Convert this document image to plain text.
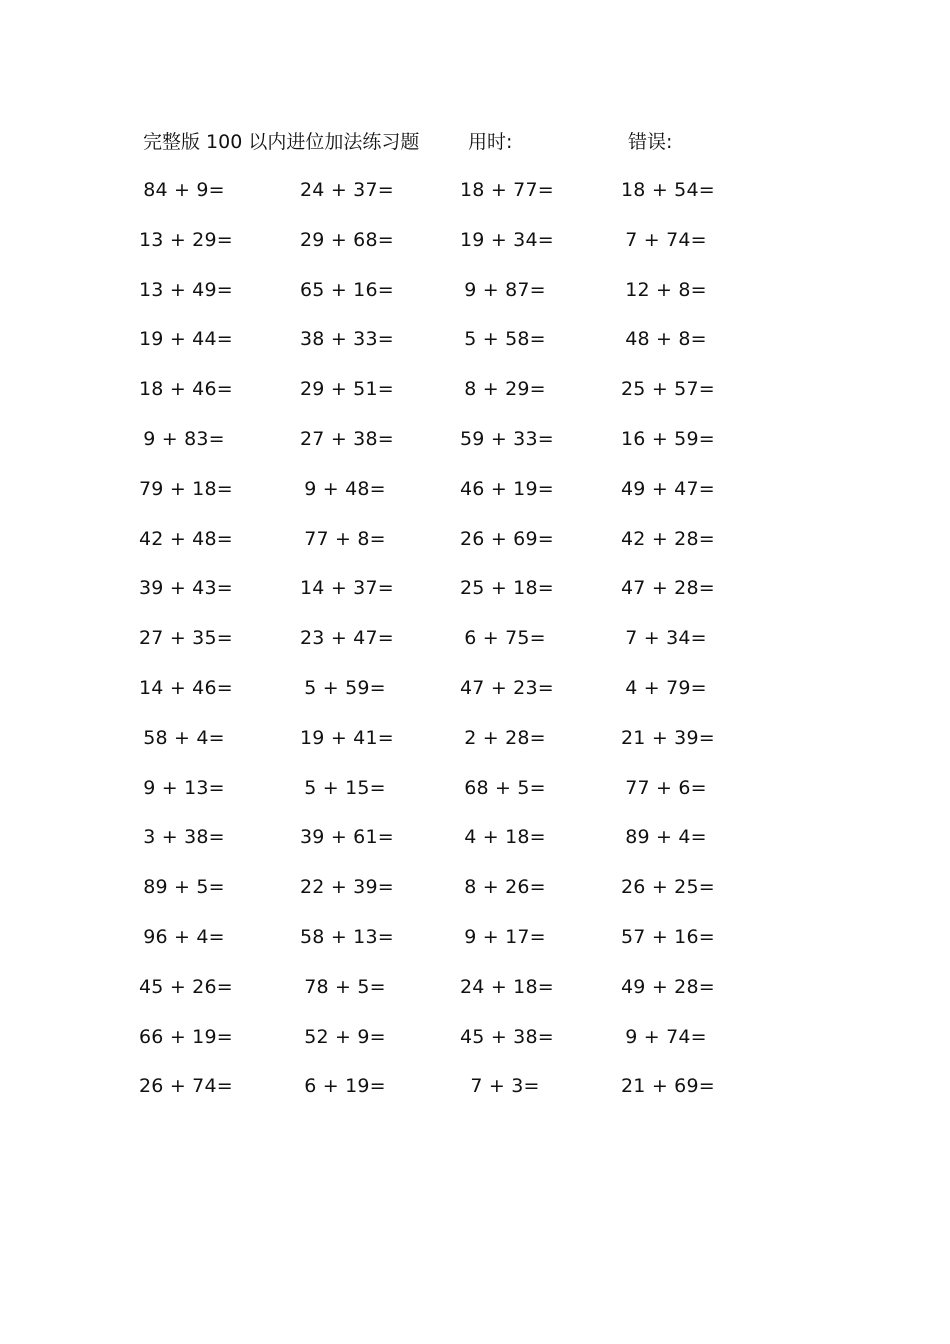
完整版 100 以内进位加法练习题	用时:	错误:
84 + 9=	24 + 37=	18 + 77=	18 + 54=
13 + 29=	29 + 68=	19 + 34=	7 + 74=
13 + 49=	65 + 16=	9 + 87=	12 + 8=
19 + 44=	38 + 33=	5 + 58=	48 + 8=
18 + 46=	29 + 51=	8 + 29=	25 + 57=
9 + 83=	27 + 38=	59 + 33=	16 + 59=
79 + 18=	9 + 48=	46 + 19=	49 + 47=
42 + 48=	77 + 8=	26 + 69=	42 + 28=
39 + 43=	14 + 37=	25 + 18=	47 + 28=
27 + 35=	23 + 47=	6 + 75=	7 + 34=
14 + 46=	5 + 59=	47 + 23=	4 + 79=
58 + 4=	19 + 41=	2 + 28=	21 + 39=
9 + 13=	5 + 15=	68 + 5=	77 + 6=
3 + 38=	39 + 61=	4 + 18=	89 + 4=
89 + 5=	22 + 39=	8 + 26=	26 + 25=
96 + 4=	58 + 13=	9 + 17=	57 + 16=
45 + 26=	78 + 5=	24 + 18=	49 + 28=
66 + 19=	52 + 9=	45 + 38=	9 + 74=
26 + 74=	6 + 19=	7 + 3=	21 + 69=
